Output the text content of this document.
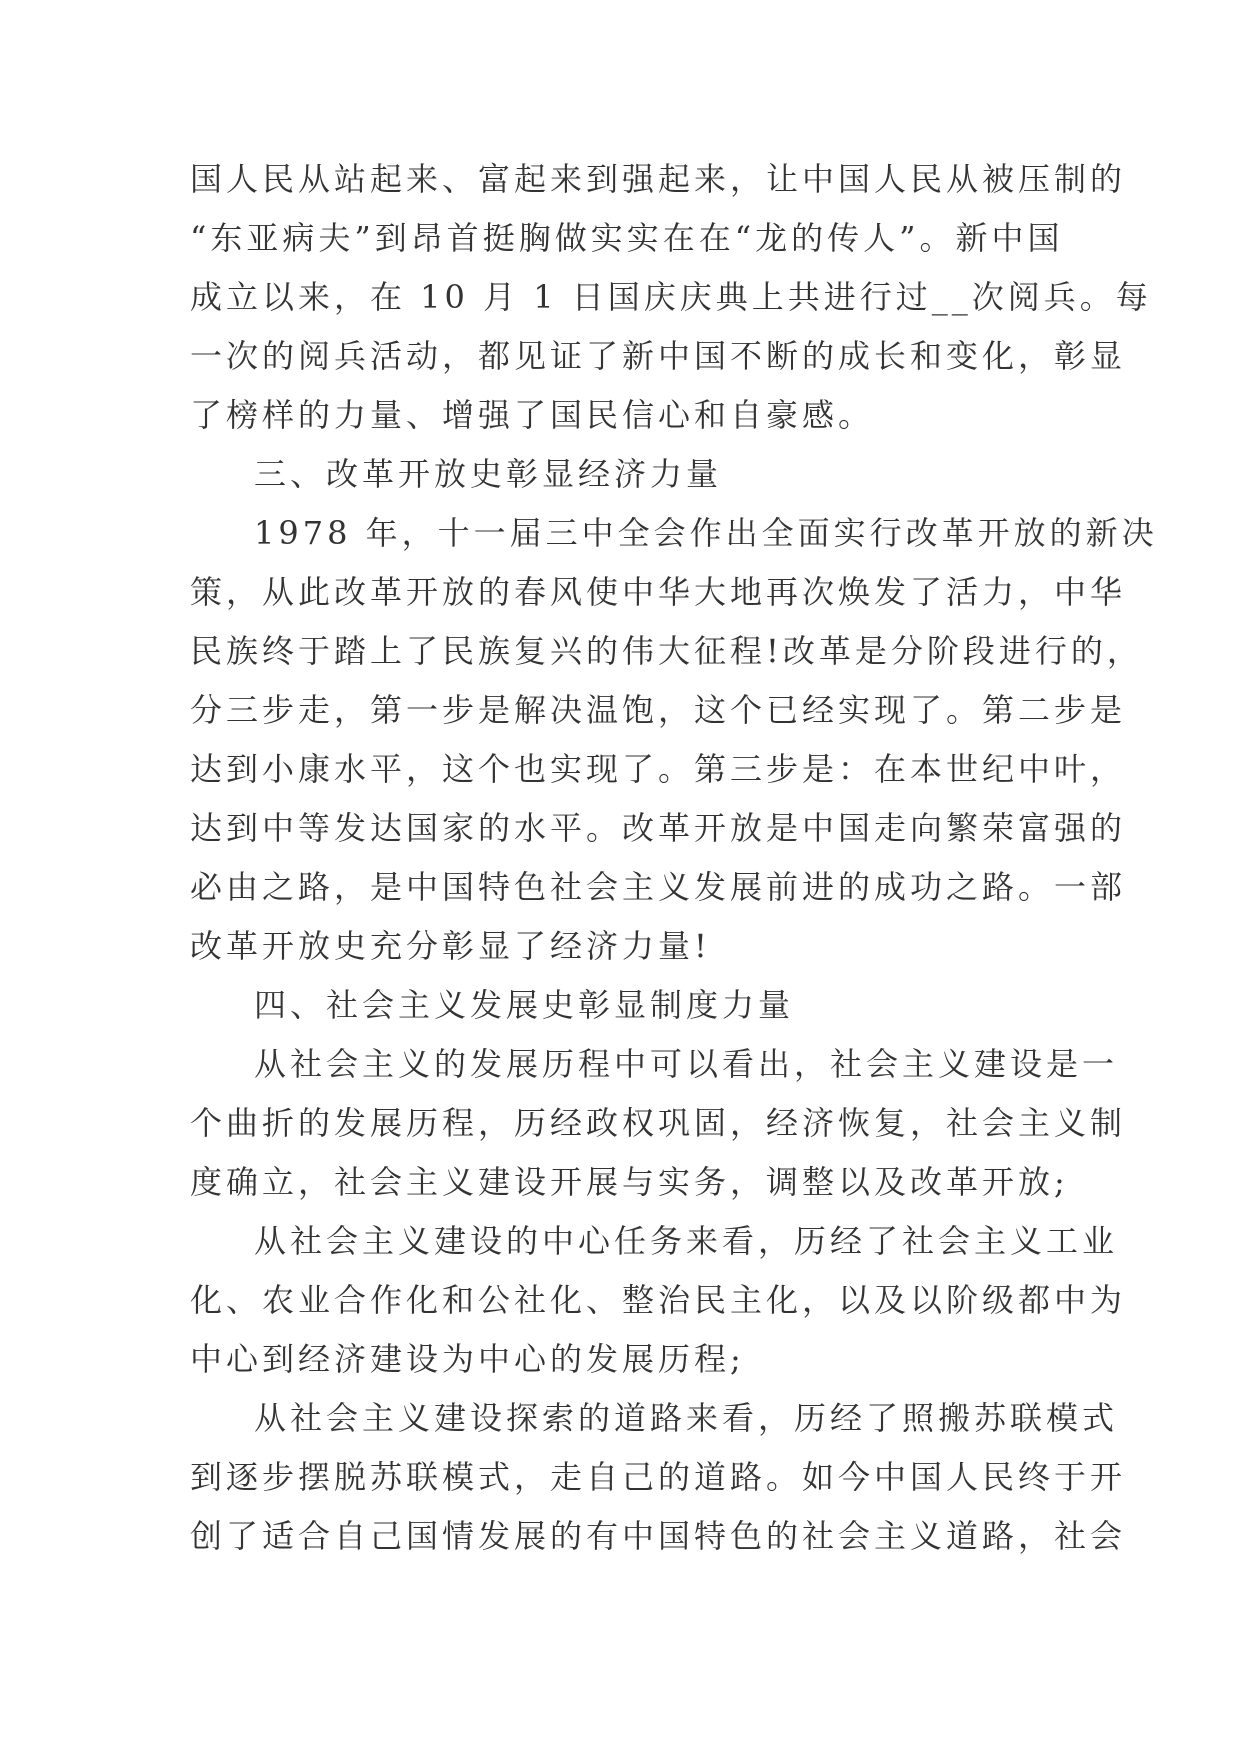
国人民从站起来、富起来到强起来，让中国人民从被压制的
“东亚病夫”到昂首挺胸做实实在在“龙的传人”。新中国
成立以来，在 10 月 1 日国庆庆典上共进行过__次阅兵。每
一次的阅兵活动，都见证了新中国不断的成长和变化，彰显
了榜样的力量、增强了国民信心和自豪感。
三、改革开放史彰显经济力量
1978 年，十一届三中全会作出全面实行改革开放的新决
策，从此改革开放的春风使中华大地再次焕发了活力，中华
民族终于踏上了民族复兴的伟大征程!改革是分阶段进行的，
分三步走，第一步是解决温饱，这个已经实现了。第二步是
达到小康水平，这个也实现了。第三步是：在本世纪中叶，
达到中等发达国家的水平。改革开放是中国走向繁荣富强的
必由之路，是中国特色社会主义发展前进的成功之路。一部
改革开放史充分彰显了经济力量!
四、社会主义发展史彰显制度力量
从社会主义的发展历程中可以看出，社会主义建设是一
个曲折的发展历程，历经政权巩固，经济恢复，社会主义制
度确立，社会主义建设开展与实务，调整以及改革开放;
从社会主义建设的中心任务来看，历经了社会主义工业
化、农业合作化和公社化、整治民主化，以及以阶级都中为
中心到经济建设为中心的发展历程;
从社会主义建设探索的道路来看，历经了照搬苏联模式
到逐步摆脱苏联模式，走自己的道路。如今中国人民终于开
创了适合自己国情发展的有中国特色的社会主义道路，社会
